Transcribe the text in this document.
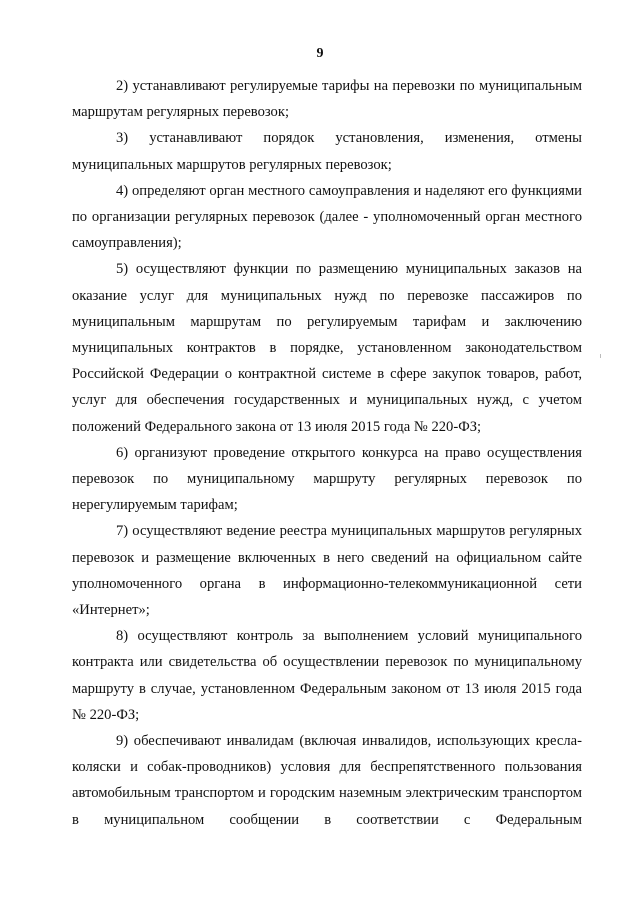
9

2) устанавливают регулируемые тарифы на перевозки по муниципальным маршрутам регулярных перевозок;

3) устанавливают порядок установления, изменения, отмены муниципальных маршрутов регулярных перевозок;

4) определяют орган местного самоуправления и наделяют его функциями по организации регулярных перевозок (далее - уполномоченный орган местного самоуправления);

5) осуществляют функции по размещению муниципальных заказов на оказание услуг для муниципальных нужд по перевозке пассажиров по муниципальным маршрутам по регулируемым тарифам и заключению муниципальных контрактов в порядке, установленном законодательством Российской Федерации о контрактной системе в сфере закупок товаров, работ, услуг для обеспечения государственных и муниципальных нужд, с учетом положений Федерального закона от 13 июля 2015 года № 220-ФЗ;

6) организуют проведение открытого конкурса на право осуществления перевозок по муниципальному маршруту регулярных перевозок по нерегулируемым тарифам;

7) осуществляют ведение реестра муниципальных маршрутов регулярных перевозок и размещение включенных в него сведений на официальном сайте уполномоченного органа в информационно-телекоммуникационной сети «Интернет»;

8) осуществляют контроль за выполнением условий муниципального контракта или свидетельства об осуществлении перевозок по муниципальному маршруту в случае, установленном Федеральным законом от 13 июля 2015 года № 220-ФЗ;

9) обеспечивают инвалидам (включая инвалидов, использующих кресла-коляски и собак-проводников) условия для беспрепятственного пользования автомобильным транспортом и городским наземным электрическим транспортом в муниципальном сообщении в соответствии с Федеральным
